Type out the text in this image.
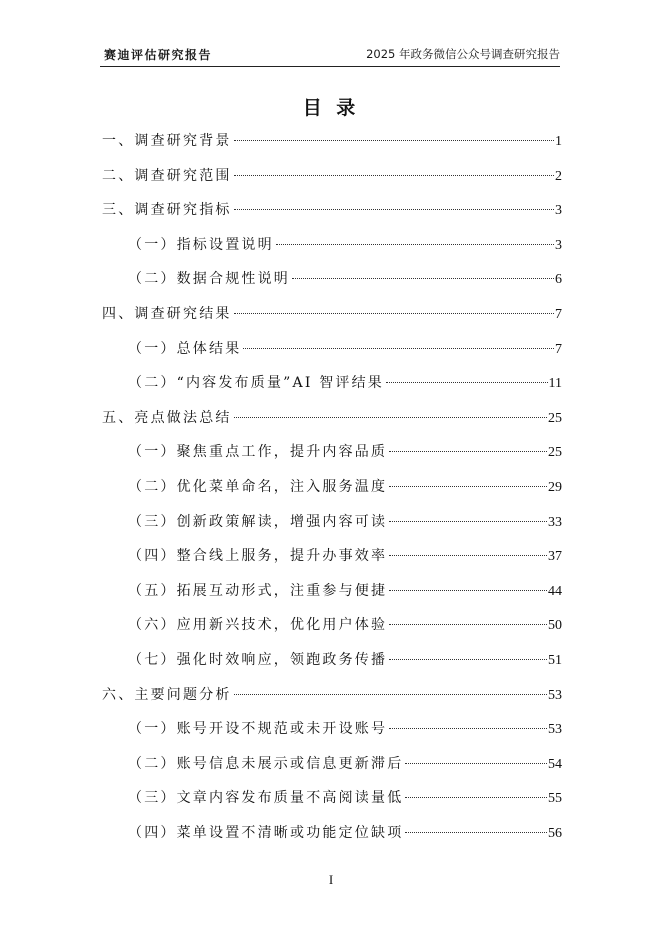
赛迪评估研究报告	2025 年政务微信公众号调查研究报告
目 录
一、调查研究背景	1
二、调查研究范围	2
三、调查研究指标	3
（一）指标设置说明	3
（二）数据合规性说明	6
四、调查研究结果	7
（一）总体结果	7
（二）“内容发布质量”AI 智评结果	11
五、亮点做法总结	25
（一）聚焦重点工作，提升内容品质	25
（二）优化菜单命名，注入服务温度	29
（三）创新政策解读，增强内容可读	33
（四）整合线上服务，提升办事效率	37
（五）拓展互动形式，注重参与便捷	44
（六）应用新兴技术，优化用户体验	50
（七）强化时效响应，领跑政务传播	51
六、主要问题分析	53
（一）账号开设不规范或未开设账号	53
（二）账号信息未展示或信息更新滞后	54
（三）文章内容发布质量不高阅读量低	55
（四）菜单设置不清晰或功能定位缺项	56
I
